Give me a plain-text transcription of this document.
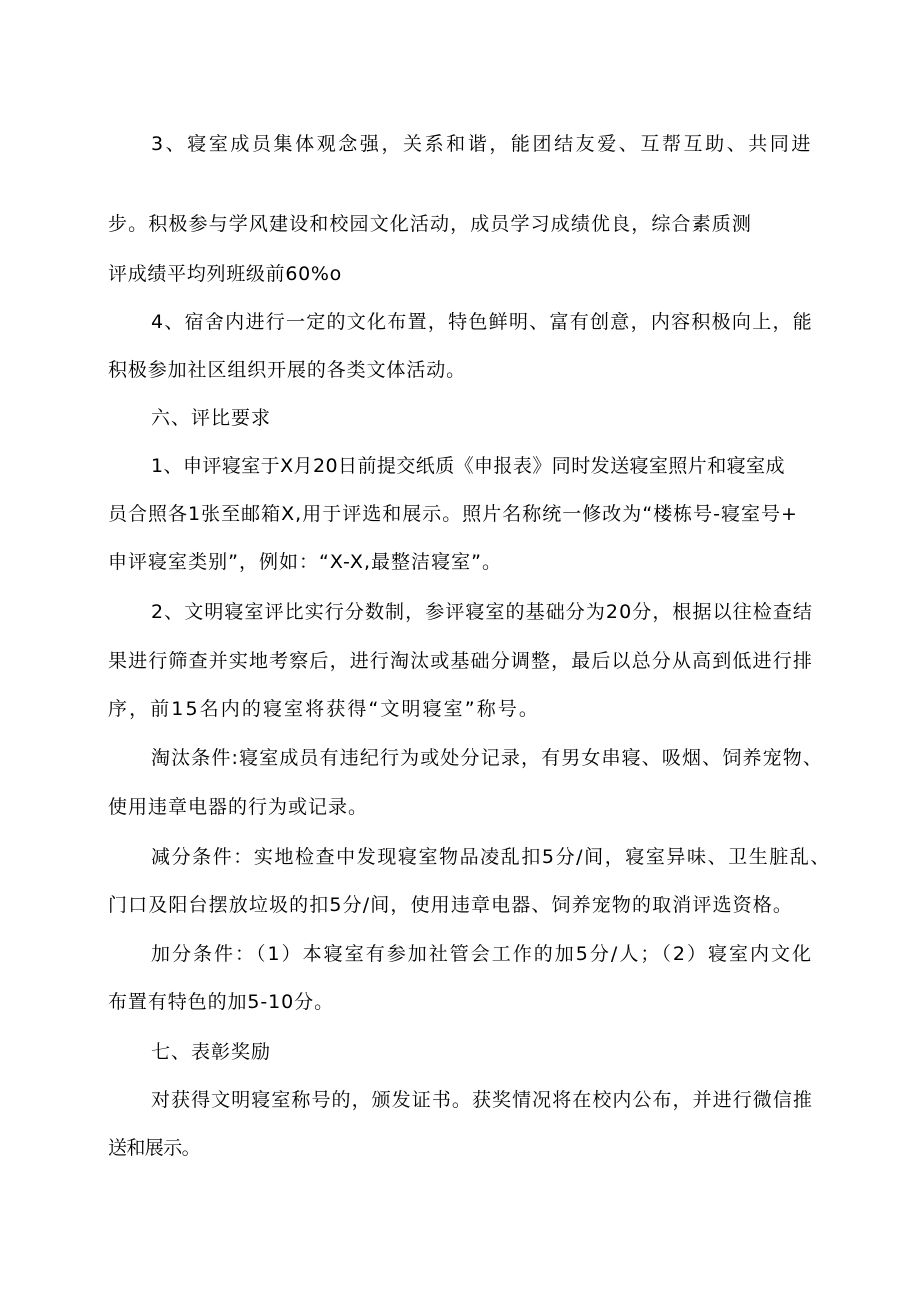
3、寝室成员集体观念强，关系和谐，能团结友爱、互帮互助、共同进
步。积极参与学风建设和校园文化活动，成员学习成绩优良，综合素质测
评成绩平均列班级前60%o
4、宿舍内进行一定的文化布置，特色鲜明、富有创意，内容积极向上，能
积极参加社区组织开展的各类文体活动。
六、评比要求
1、申评寝室于X月20日前提交纸质《申报表》同时发送寝室照片和寝室成
员合照各1张至邮箱X,用于评选和展示。照片名称统一修改为“楼栋号-寝室号+
申评寝室类别”，例如：“X-X,最整洁寝室”。
2、文明寝室评比实行分数制，参评寝室的基础分为20分，根据以往检查结
果进行筛查并实地考察后，进行淘汰或基础分调整，最后以总分从高到低进行排
序，前15名内的寝室将获得“文明寝室”称号。
淘汰条件:寝室成员有违纪行为或处分记录，有男女串寝、吸烟、饲养宠物、
使用违章电器的行为或记录。
减分条件：实地检查中发现寝室物品凌乱扣5分/间，寝室异味、卫生脏乱、
门口及阳台摆放垃圾的扣5分/间，使用违章电器、饲养宠物的取消评选资格。
加分条件：（1）本寝室有参加社管会工作的加5分/人；（2）寝室内文化
布置有特色的加5-10分。
七、表彰奖励
对获得文明寝室称号的，颁发证书。获奖情况将在校内公布，并进行微信推
送和展示。
